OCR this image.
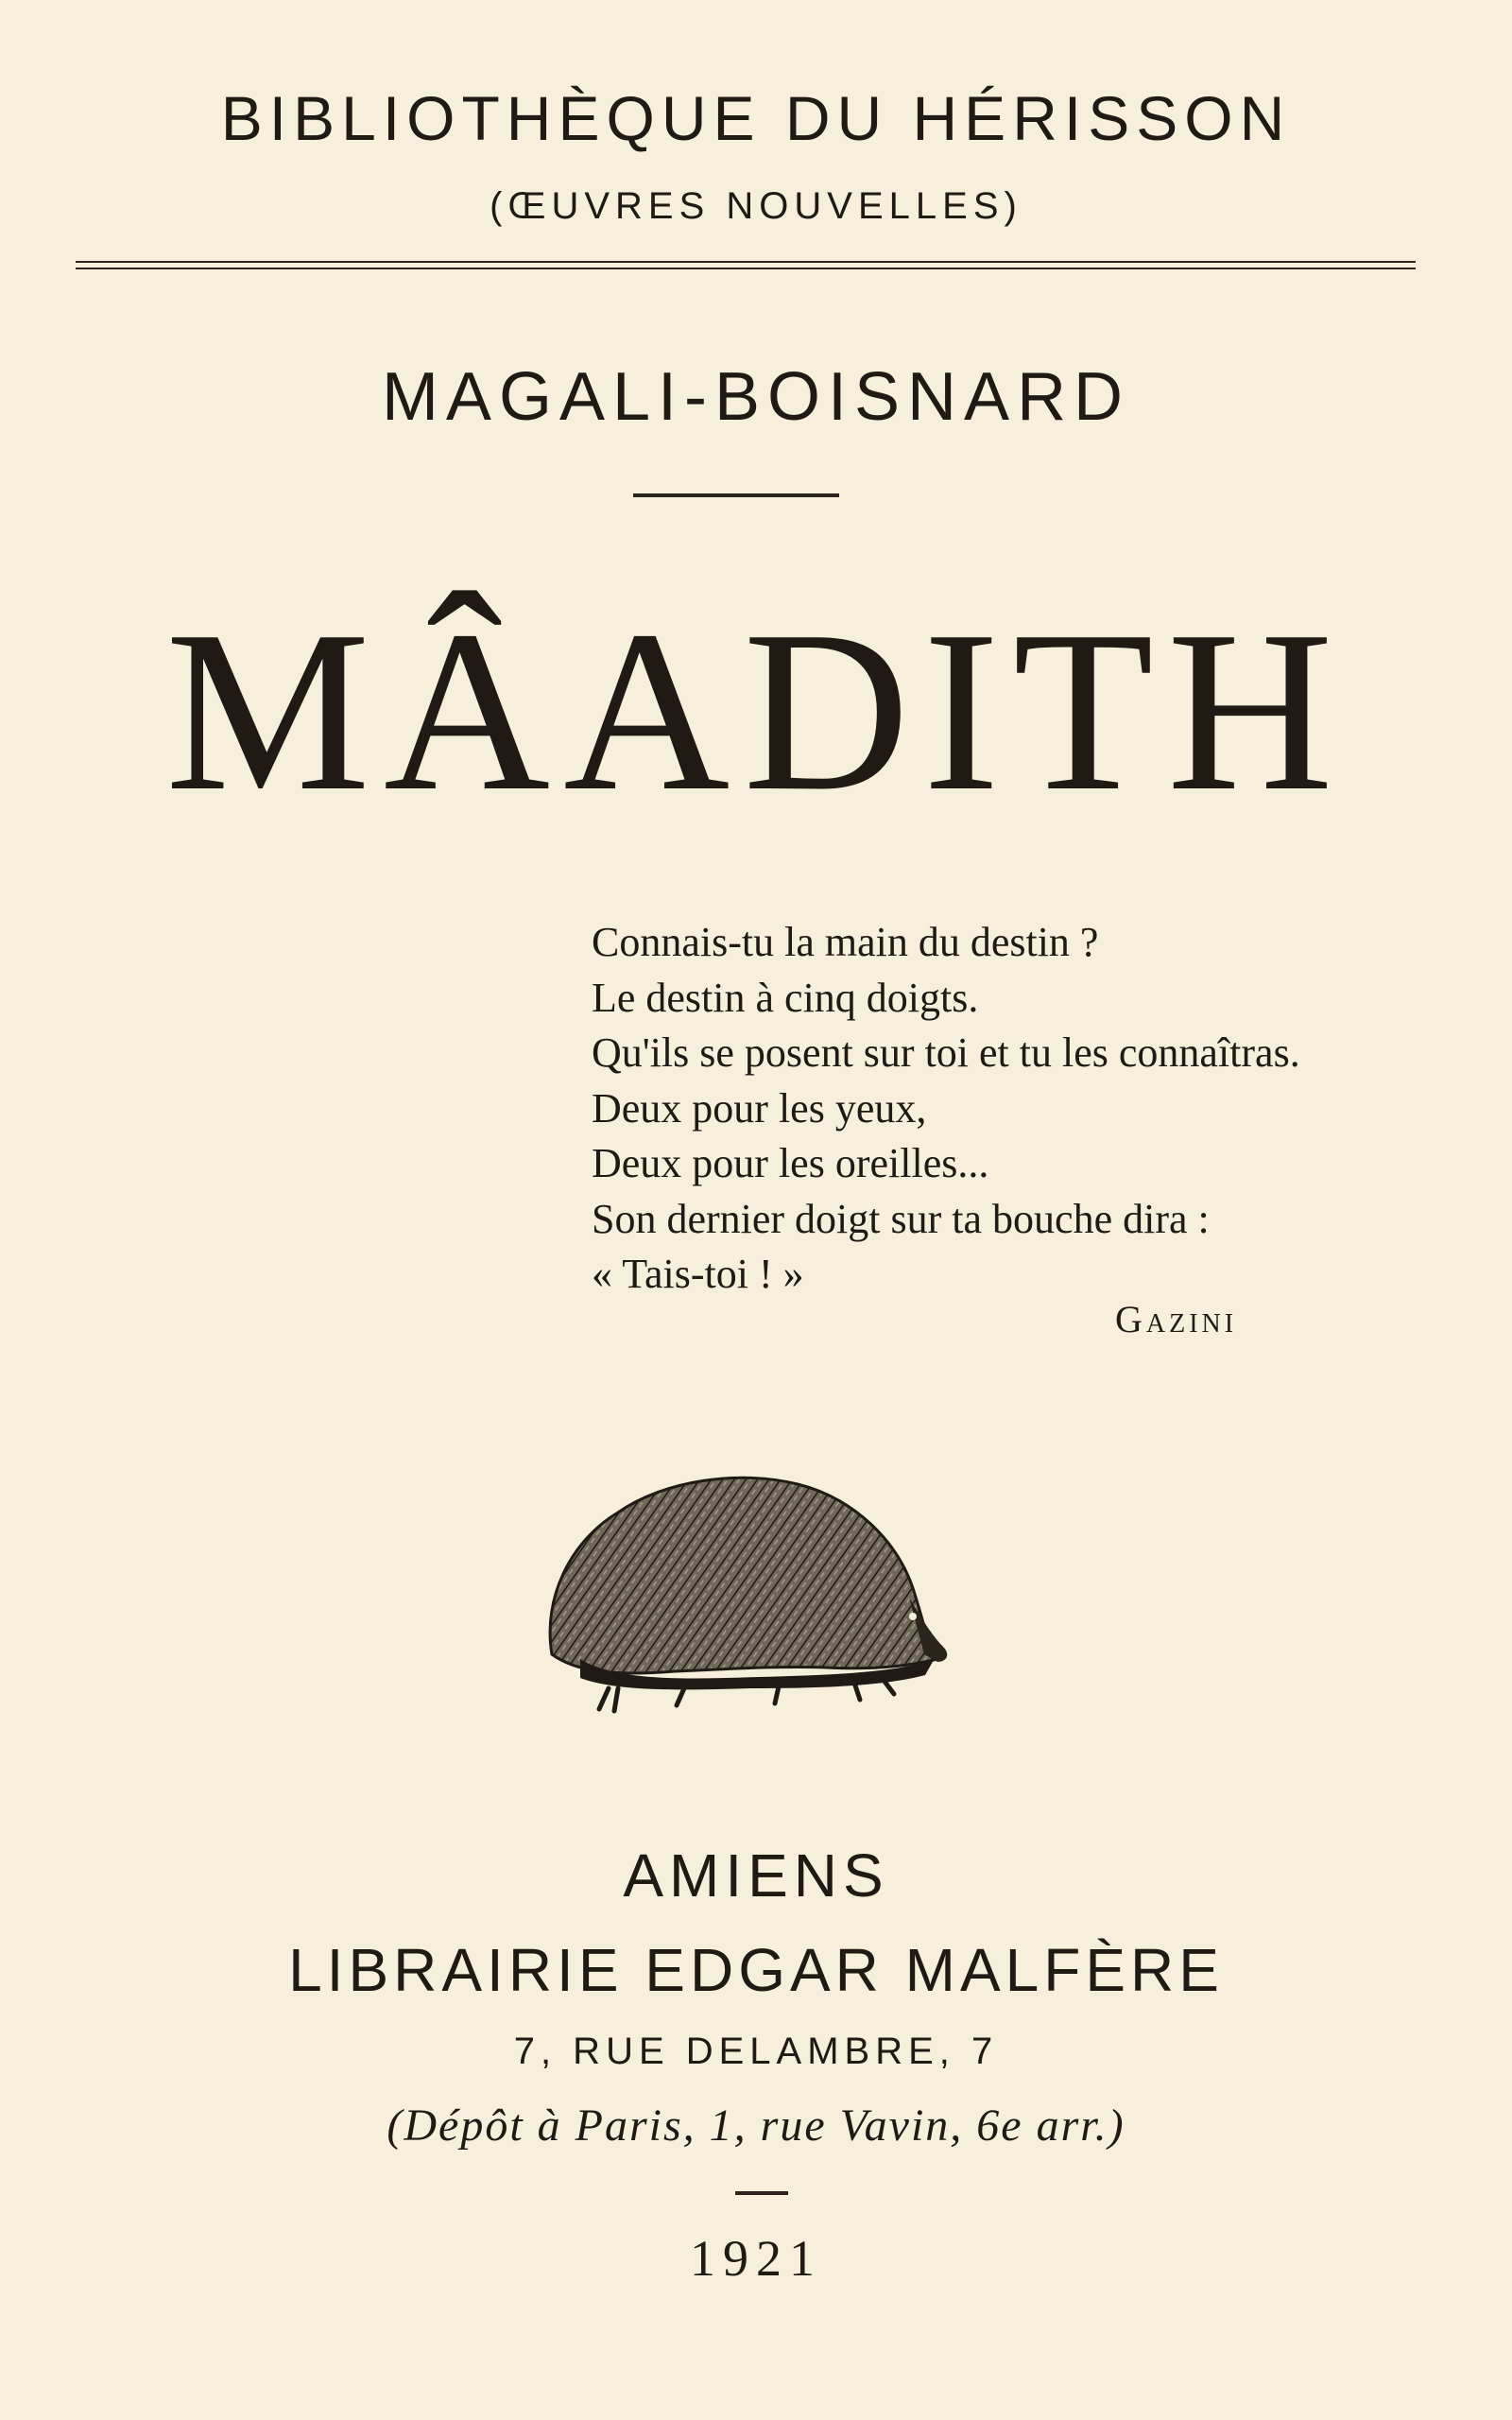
BIBLIOTHÈQUE DU HÉRISSON
(ŒUVRES NOUVELLES)
MAGALI-BOISNARD
MÂADITH
Connais-tu la main du destin ?
Le destin à cinq doigts.
Qu'ils se posent sur toi et tu les connaîtras.
Deux pour les yeux,
Deux pour les oreilles...
Son dernier doigt sur ta bouche dira :
« Tais-toi ! »
Gazini
AMIENS
LIBRAIRIE EDGAR MALFÈRE
7, RUE DELAMBRE, 7
(Dépôt à Paris, 1, rue Vavin, 6e arr.)
1921
